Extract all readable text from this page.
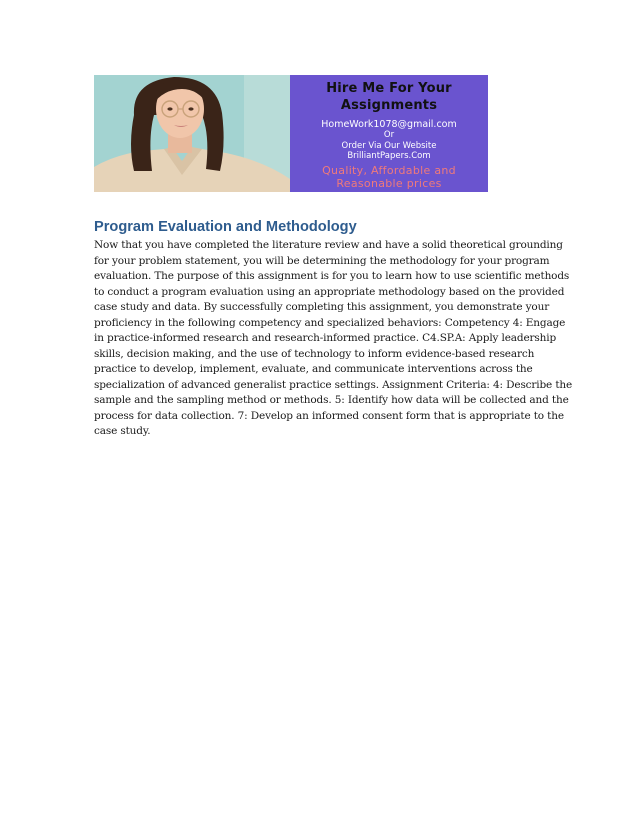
Hire Me For Your
Assignments
HomeWork1078@gmail.com
Or
Order Via Our Website
BrilliantPapers.Com
Quality, Affordable and
Reasonable prices
Program Evaluation and Methodology
Now that you have completed the literature review and have a solid theoretical grounding
for your problem statement, you will be determining the methodology for your program
evaluation. The purpose of this assignment is for you to learn how to use scientific methods
to conduct a program evaluation using an appropriate methodology based on the provided
case study and data. By successfully completing this assignment, you demonstrate your
proficiency in the following competency and specialized behaviors: Competency 4: Engage
in practice-informed research and research-informed practice. C4.SP.A: Apply leadership
skills, decision making, and the use of technology to inform evidence-based research
practice to develop, implement, evaluate, and communicate interventions across the
specialization of advanced generalist practice settings. Assignment Criteria: 4: Describe the
sample and the sampling method or methods. 5: Identify how data will be collected and the
process for data collection. 7: Develop an informed consent form that is appropriate to the
case study.
